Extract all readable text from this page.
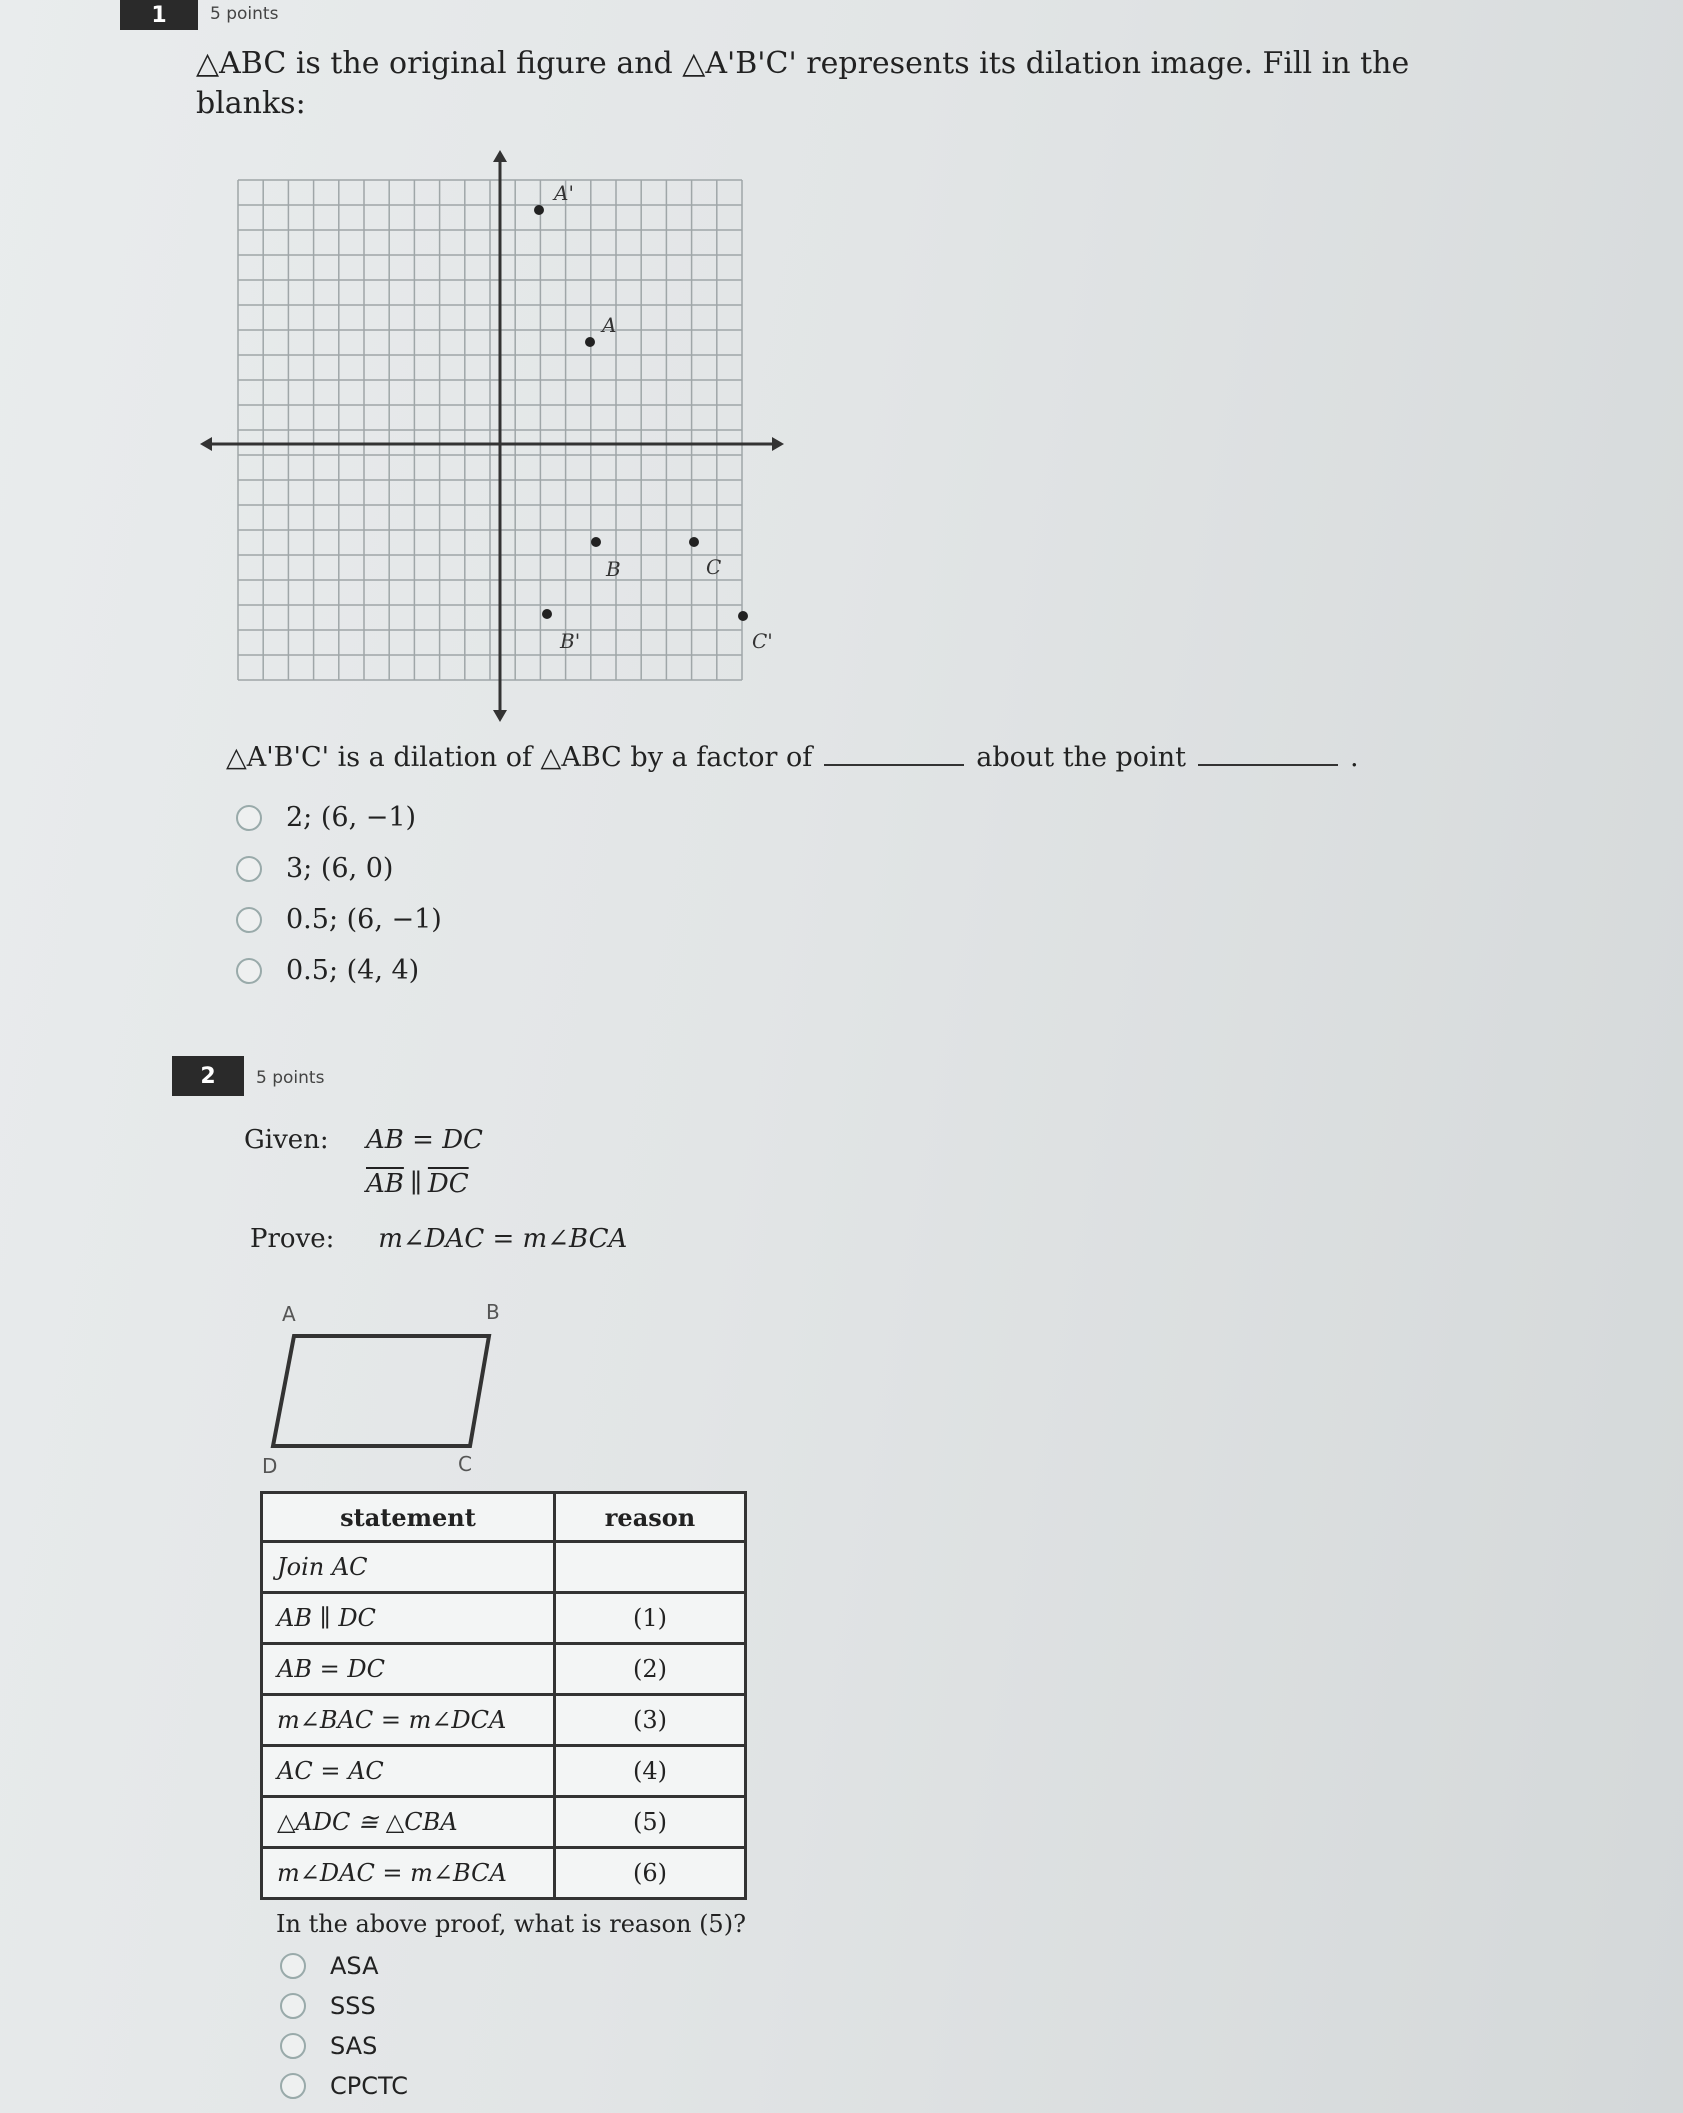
1	5 points
△ABC is the original figure and △A'B'C' represents its dilation image. Fill in the blanks:
A'
A
B	C
B'	C'
△A'B'C' is a dilation of △ABC by a factor of	about the point	.
2; (6, −1)
3; (6, 0)
0.5; (6, −1)
0.5; (4, 4)
2	5 points
Given:	AB = DC
$\overline{AB}$ ∥ $\overline{DC}$
Prove: m∠DAC = m∠BCA
A	B
C
D
statement	reason
Join AC	
AB ∥ DC	(1)
AB = DC	(2)
m∠BAC = m∠DCA	(3)
AC = AC	(4)
△ADC ≅ △CBA	(5)
m∠DAC = m∠BCA	(6)
In the above proof, what is reason (5)?
ASA
SSS
SAS
CPCTC
